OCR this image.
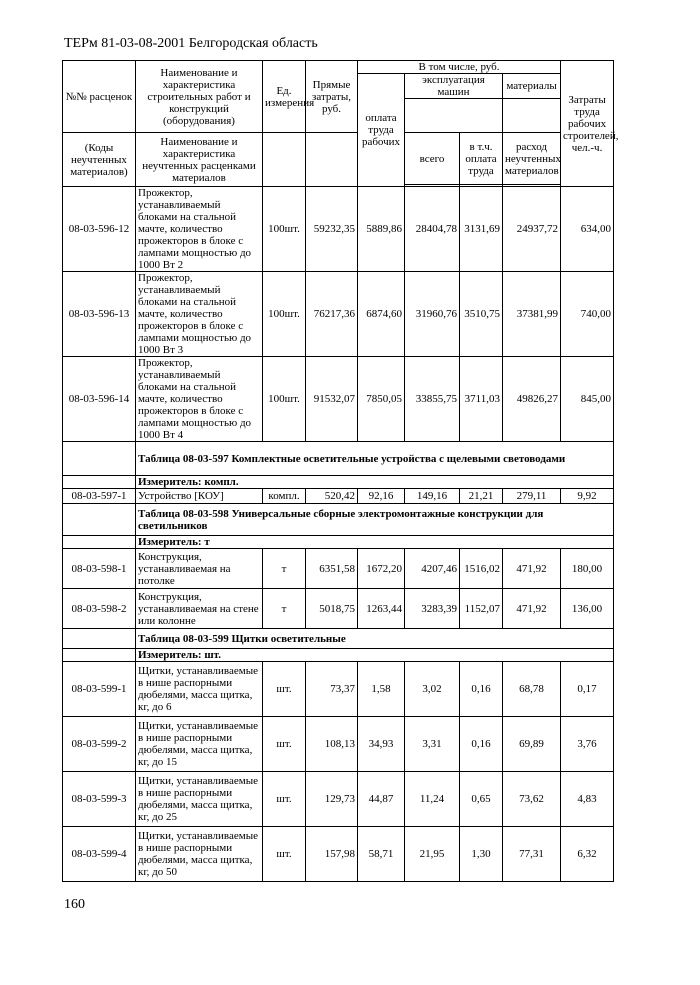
ТЕРм 81-03-08-2001 Белгородская область
№№ расценок	Наименование и характеристика строительных работ и конструкций (оборудования)	Ед. измерения	Прямые затраты, руб.	В том числе, руб.				Затраты труда рабочих строителей, чел.-ч.
				оплата труда рабочих	эксплуатация машин		материалы	

(Коды неучтенных материалов)	Наименование и характеристика неучтенных расценками материалов				всего	в т.ч. оплата труда	расход неучтенных материалов	

08-03-596-12	Прожектор, устанавливаемый блоками на стальной мачте, количество прожекторов в блоке с лампами мощностью до 1000 Вт 2	100шт.	59232,35	5889,86	28404,78	3131,69	24937,72	634,00
08-03-596-13	Прожектор, устанавливаемый блоками на стальной мачте, количество прожекторов в блоке с лампами мощностью до 1000 Вт 3	100шт.	76217,36	6874,60	31960,76	3510,75	37381,99	740,00
08-03-596-14	Прожектор, устанавливаемый блоками на стальной мачте, количество прожекторов в блоке с лампами мощностью до 1000 Вт 4	100шт.	91532,07	7850,05	33855,75	3711,03	49826,27	845,00
	Таблица 08-03-597 Комплектные осветительные устройства с щелевыми световодами							
	Измеритель: компл.							
08-03-597-1	Устройство [КОУ]	компл.	520,42	92,16	149,16	21,21	279,11	9,92
	Таблица 08-03-598 Универсальные сборные электромонтажные конструкции для светильников							
	Измеритель: т							
08-03-598-1	Конструкция, устанавливаемая на потолке	т	6351,58	1672,20	4207,46	1516,02	471,92	180,00
08-03-598-2	Конструкция, устанавливаемая на стене или колонне	т	5018,75	1263,44	3283,39	1152,07	471,92	136,00
	Таблица 08-03-599 Щитки осветительные							
	Измеритель: шт.							
08-03-599-1	Щитки, устанавливаемые в нише распорными дюбелями, масса щитка, кг, до 6	шт.	73,37	1,58	3,02	0,16	68,78	0,17
08-03-599-2	Щитки, устанавливаемые в нише распорными дюбелями, масса щитка, кг, до 15	шт.	108,13	34,93	3,31	0,16	69,89	3,76
08-03-599-3	Щитки, устанавливаемые в нише распорными дюбелями, масса щитка, кг, до 25	шт.	129,73	44,87	11,24	0,65	73,62	4,83
08-03-599-4	Щитки, устанавливаемые в нише распорными дюбелями, масса щитка, кг, до 50	шт.	157,98	58,71	21,95	1,30	77,31	6,32
160
